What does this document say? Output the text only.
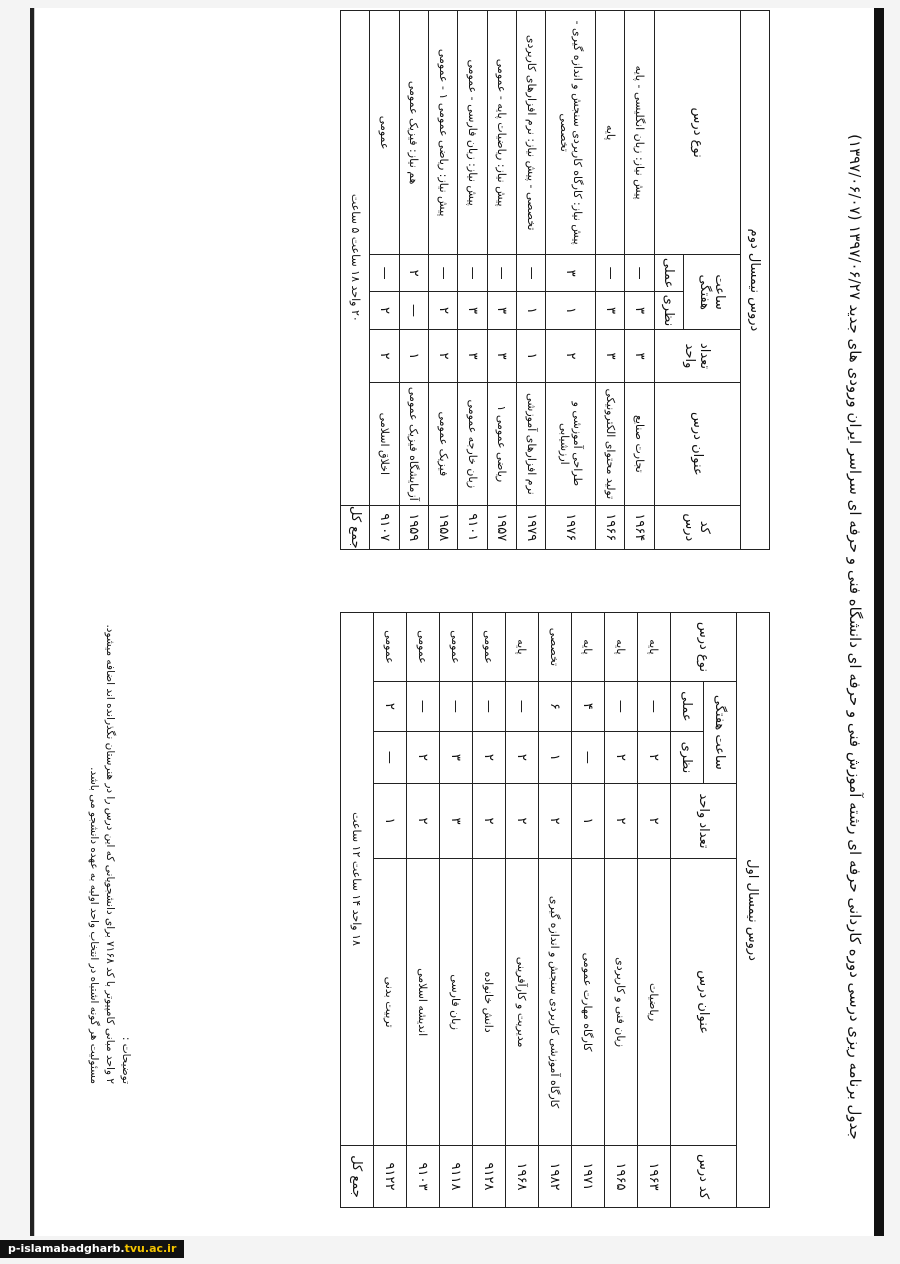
جدول برنامه ریزی درسی دوره کاردانی حرفه ای رشته آموزش فنی و حرفه ای دانشگاه فنی و حرفه ای سراسر ایران ورودی های جدید ۱۳۹۷/۰۶/۲۷ (۱۳۹۷/۰۶/۰۷)
دروس نیمسال دوم					
کد درس	عنوان درس	تعداد واحد	ساعت هفتگی		نوع درس
			نظری	عملی	
۱۹۶۴	تجارت صنایع	۳	۳	—	پیش نیاز: زبان انگلیسی - پایه
۱۹۶۶	تولید محتوای الکترونیکی	۳	۳	—	پایه
۱۹۷۶	طراحی آموزشی و ارزشیابی	۲	۱	۳	پیش نیاز: کارگاه کاربردی سنجش و اندازه گیری - تخصصی
۱۹۷۹	نرم افزارهای آموزشی	۱	۱	—	تخصصی - پیش نیاز: نرم افزارهای کاربردی
۱۹۵۷	ریاضی عمومی ۱	۳	۳	—	پیش نیاز: ریاضیات پایه - عمومی
۹۱۰۱	زبان خارجه عمومی	۳	۳	—	پیش نیاز: زبان فارسی - عمومی
۱۹۵۸	فیزیک عمومی	۲	۲	—	پیش نیاز: ریاضی عمومی ۱ - عمومی
۱۹۵۹	آزمایشگاه فیزیک عمومی	۱	—	۲	هم نیاز: فیزیک عمومی
۹۱۰۷	اخلاق اسلامی	۲	۲	—	عمومی
جمع کل	۲۰ واحد ۱۸ ساعت ۵ ساعت				
دروس نیمسال اول					
کد درس	عنوان درس	تعداد واحد	ساعت هفتگی		نوع درس
			نظری	عملی	
۱۹۶۳	ریاضیات	۲	۲	—	پایه
۱۹۶۵	زبان فنی و کاربردی	۲	۲	—	پایه
۱۹۷۱	کارگاه مهارت عمومی	۱	—	۴	پایه
۱۹۸۲	کارگاه آموزشی کاربردی سنجش و اندازه گیری	۲	۱	۶	تخصصی
۱۹۶۸	مدیریت و کارآفرینی	۲	۲	—	پایه
۹۱۲۸	دانش خانواده	۲	۲	—	عمومی
۹۱۱۸	زبان فارسی	۳	۳	—	عمومی
۹۱۰۳	اندیشه اسلامی	۲	۲	—	عمومی
۹۱۲۲	تربیت بدنی	۱	—	۲	عمومی
جمع کل	۱۸ واحد ۱۴ ساعت ۱۲ ساعت				
توضیحات :
۲ واحد مبانی کامپیوتر با کد ۷۱۶۸ برای دانشجویانی که این درس را در هنرستان نگذرانده اند اضافه میشود.
مسئولیت هر گونه اشتباه در انتخاب واحد اولیه به عهده دانشجو می باشد.
p-islamabadgharb.tvu.ac.ir
